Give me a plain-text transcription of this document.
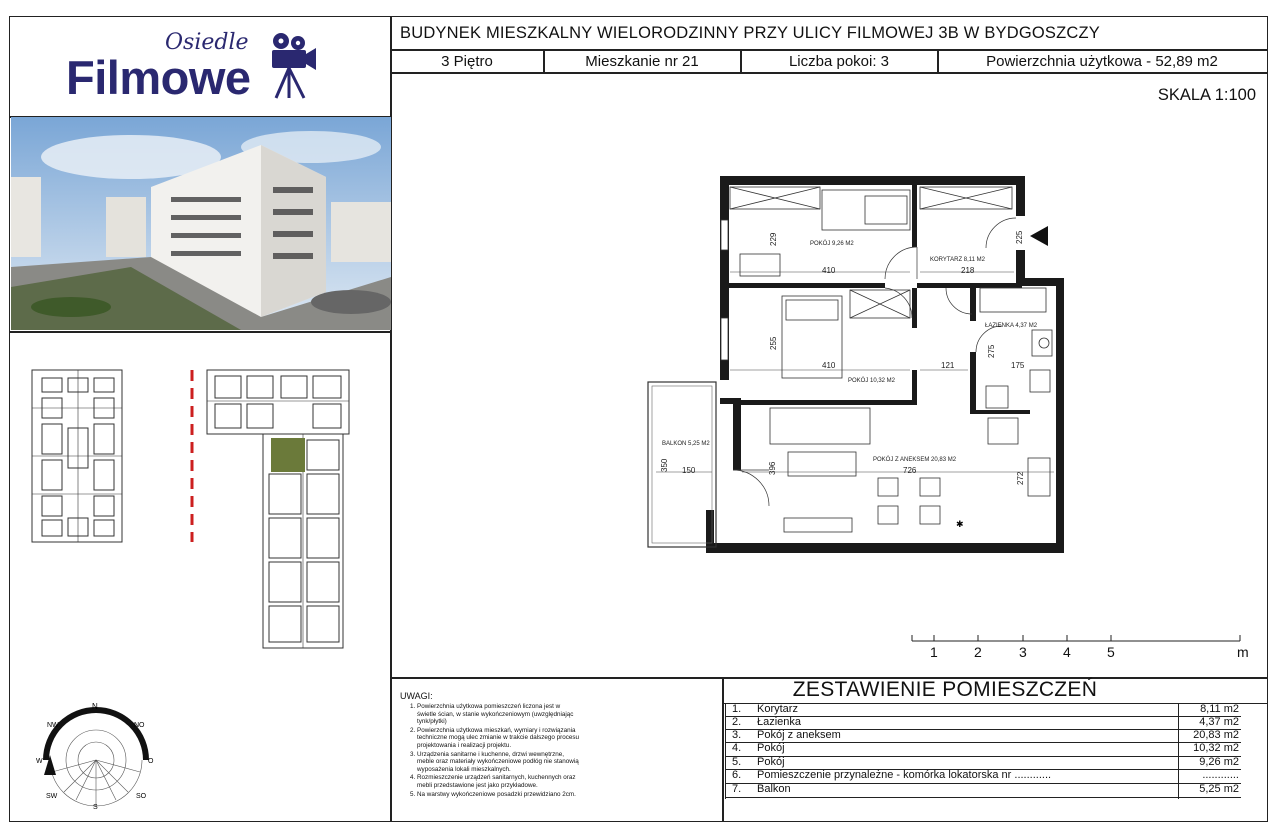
BUDYNEK MIESZKALNY WIELORODZINNY PRZY ULICY FILMOWEJ 3B W BYDGOSZCZY
3 Piętro	Mieszkanie nr 21	Liczba pokoi: 3	Powierzchnia użytkowa - 52,89 m2
SKALA 1:100
Osiedle
Filmowe
N
NW	NO
W	O
SW	SO
S
POKÓJ 9,26 M2
KORYTARZ 8,11 M2
ŁAZIENKA 4,37 M2
POKÓJ 10,32 M2
POKÓJ Z ANEKSEM 20,83 M2
BALKON 5,25 M2
410
229
218
225
255
410	121
275
175
726
396
272
350 150
✱
1	2	3	4	5	m
UWAGI:
1. Powierzchnia użytkowa pomieszczeń liczona jest w świetle ścian, w stanie wykończeniowym (uwzględniając tynk/płytki)
2. Powierzchnia użytkowa mieszkań, wymiary i rozwiązania techniczne mogą ulec zmianie w trakcie dalszego procesu projektowania i realizacji projektu.
3. Urządzenia sanitarne i kuchenne, drzwi wewnętrzne, meble oraz materiały wykończeniowe podłóg nie stanowią wyposażenia lokali mieszkalnych.
4. Rozmieszczenie urządzeń sanitarnych, kuchennych oraz mebli przedstawione jest jako przykładowe.
5. Na warstwy wykończeniowe posadzki przewidziano 2cm.
ZESTAWIENIE POMIESZCZEŃ
1. Korytarz	8,11 m2
2. Łazienka	4,37 m2
3. Pokój z aneksem	20,83 m2
4. Pokój	10,32 m2
5. Pokój	9,26 m2
6. Pomieszczenie przynależne - komórka lokatorska nr ............	............
7. Balkon	5,25 m2
